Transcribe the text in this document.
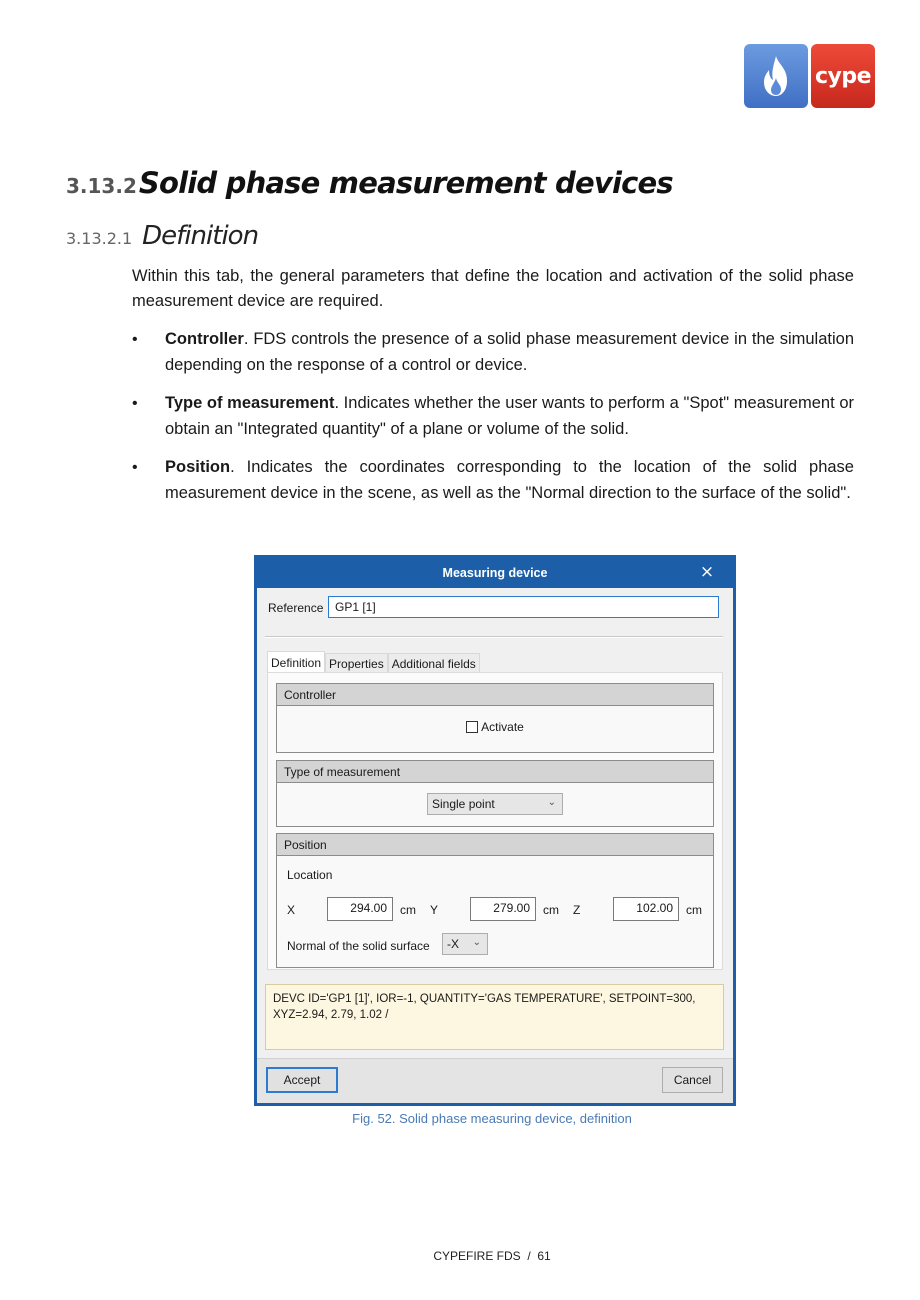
cype
3.13.2Solid phase measurement devices
3.13.2.1 Definition
Within this tab, the general parameters that define the location and activation of the solid phase measurement device are required.
• Controller. FDS controls the presence of a solid phase measurement device in the simulation depending on the response of a control or device.
• Type of measurement. Indicates whether the user wants to perform a "Spot" measurement or obtain an "Integrated quantity" of a plane or volume of the solid.
• Position. Indicates the coordinates corresponding to the location of the solid phase measurement device in the scene, as well as the "Normal direction to the surface of the solid".
Measuring device	×
Reference GP1 [1]
Definition Properties Additional fields
Controller
Activate
Type of measurement
Single point	⌄
Position
Location
X	294.00	cm Y	279.00	cm Z	102.00	cm
Normal of the solid surface -X ⌄
DEVC ID='GP1 [1]', IOR=-1, QUANTITY='GAS TEMPERATURE', SETPOINT=300, XYZ=2.94, 2.79, 1.02 /
Accept	Cancel
Fig. 52. Solid phase measuring device, definition
CYPEFIRE FDS  /  61
